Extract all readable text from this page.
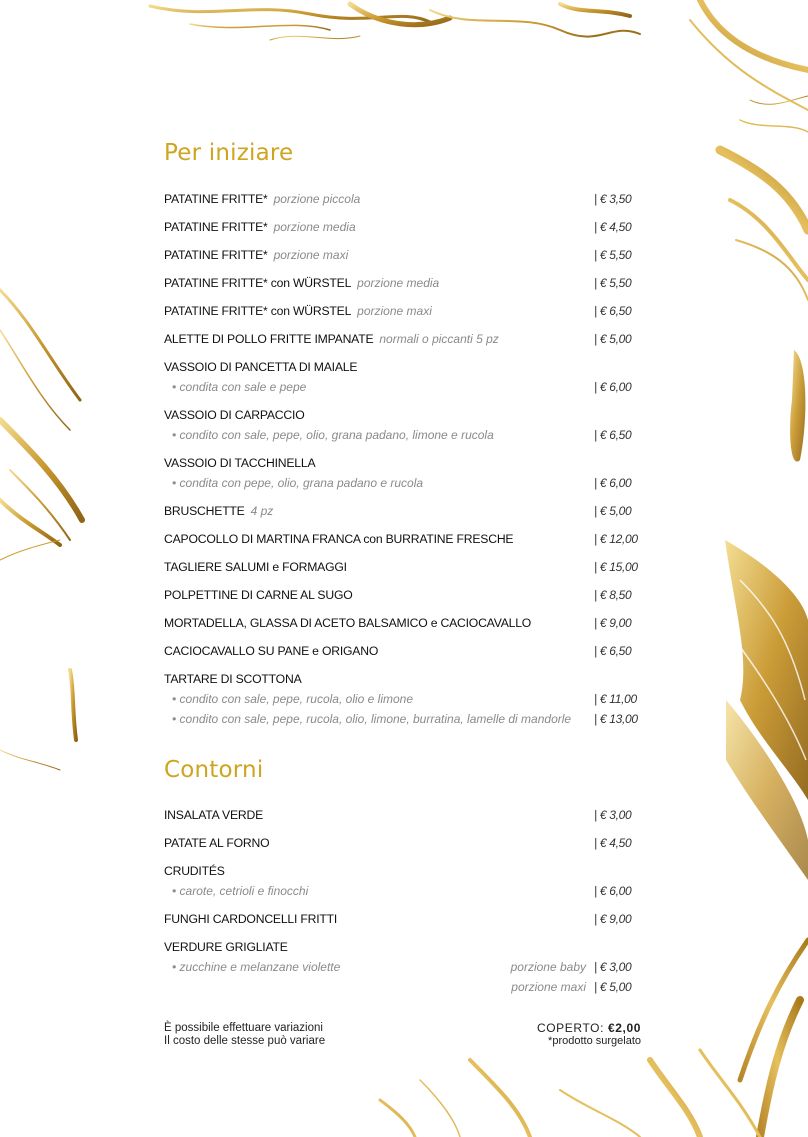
Per iniziare
PATATINE FRITTE* porzione piccola	| € 3,50
PATATINE FRITTE* porzione media	| € 4,50
PATATINE FRITTE* porzione maxi	| € 5,50
PATATINE FRITTE* con WÜRSTEL porzione media	| € 5,50
PATATINE FRITTE* con WÜRSTEL porzione maxi	| € 6,50
ALETTE DI POLLO FRITTE IMPANATE normali o piccanti 5 pz	| € 5,00
VASSOIO DI PANCETTA DI MAIALE
• condita con sale e pepe	| € 6,00
VASSOIO DI CARPACCIO
• condito con sale, pepe, olio, grana padano, limone e rucola	| € 6,50
VASSOIO DI TACCHINELLA
• condita con pepe, olio, grana padano e rucola	| € 6,00
BRUSCHETTE 4 pz	| € 5,00
CAPOCOLLO DI MARTINA FRANCA con BURRATINE FRESCHE	| € 12,00
TAGLIERE SALUMI e FORMAGGI	| € 15,00
POLPETTINE DI CARNE AL SUGO	| € 8,50
MORTADELLA, GLASSA DI ACETO BALSAMICO e CACIOCAVALLO	| € 9,00
CACIOCAVALLO SU PANE e ORIGANO	| € 6,50
TARTARE DI SCOTTONA
• condito con sale, pepe, rucola, olio e limone	| € 11,00
• condito con sale, pepe, rucola, olio, limone, burratina, lamelle di mandorle | € 13,00
Contorni
INSALATA VERDE	| € 3,00
PATATE AL FORNO	| € 4,50
CRUDITÉS
• carote, cetrioli e finocchi	| € 6,00
FUNGHI CARDONCELLI FRITTI	| € 9,00
VERDURE GRIGLIATE
• zucchine e melanzane violette	porzione baby | € 3,00
porzione maxi | € 5,00
È possibile effettuare variazioni
Il costo delle stesse può variare
COPERTO: €2,00
*prodotto surgelato
